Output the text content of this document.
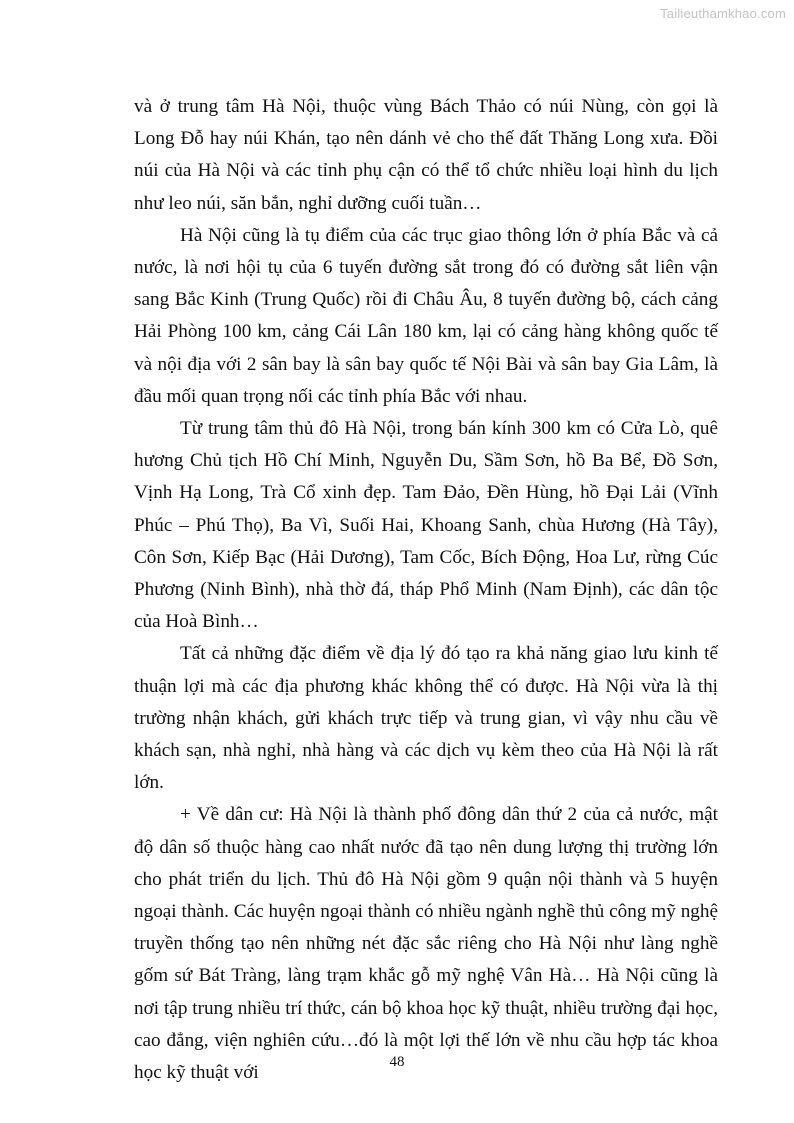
Tailieuthamkhao.com

và ở trung tâm Hà Nội, thuộc vùng Bách Thảo có núi Nùng, còn gọi là Long Đỗ hay núi Khán, tạo nên dánh vẻ cho thế đất Thăng Long xưa. Đồi núi của Hà Nội và các tỉnh phụ cận có thể tổ chức nhiều loại hình du lịch như leo núi, săn bắn, nghỉ dưỡng cuối tuần…

Hà Nội cũng là tụ điểm của các trục giao thông lớn ở phía Bắc và cả nước, là nơi hội tụ của 6 tuyến đường sắt trong đó có đường sắt liên vận sang Bắc Kinh (Trung Quốc) rồi đi Châu Âu, 8 tuyến đường bộ, cách cảng Hải Phòng 100 km, cảng Cái Lân 180 km, lại có cảng hàng không quốc tế và nội địa với 2 sân bay là sân bay quốc tế Nội Bài và sân bay Gia Lâm, là đầu mối quan trọng nối các tỉnh phía Bắc với nhau.

Từ trung tâm thủ đô Hà Nội, trong bán kính 300 km có Cửa Lò, quê hương Chủ tịch Hồ Chí Minh, Nguyễn Du, Sầm Sơn, hồ Ba Bể, Đồ Sơn, Vịnh Hạ Long, Trà Cổ xinh đẹp. Tam Đảo, Đền Hùng, hồ Đại Lải (Vĩnh Phúc – Phú Thọ), Ba Vì, Suối Hai, Khoang Sanh, chùa Hương (Hà Tây), Côn Sơn, Kiếp Bạc (Hải Dương), Tam Cốc, Bích Động, Hoa Lư, rừng Cúc Phương (Ninh Bình), nhà thờ đá, tháp Phổ Minh (Nam Định), các dân tộc của Hoà Bình…

Tất cả những đặc điểm về địa lý đó tạo ra khả năng giao lưu kinh tế thuận lợi mà các địa phương khác không thể có được. Hà Nội vừa là thị trường nhận khách, gửi khách trực tiếp và trung gian, vì vậy nhu cầu về khách sạn, nhà nghỉ, nhà hàng và các dịch vụ kèm theo của Hà Nội là rất lớn.

+ Về dân cư: Hà Nội là thành phố đông dân thứ 2 của cả nước, mật độ dân số thuộc hàng cao nhất nước đã tạo nên dung lượng thị trường lớn cho phát triển du lịch. Thủ đô Hà Nội gồm 9 quận nội thành và 5 huyện ngoại thành. Các huyện ngoại thành có nhiều ngành nghề thủ công mỹ nghệ truyền thống tạo nên những nét đặc sắc riêng cho Hà Nội như làng nghề gốm sứ Bát Tràng, làng trạm khắc gỗ mỹ nghệ Vân Hà… Hà Nội cũng là nơi tập trung nhiều trí thức, cán bộ khoa học kỹ thuật, nhiều trường đại học, cao đẳng, viện nghiên cứu…đó là một lợi thế lớn về nhu cầu hợp tác khoa học kỹ thuật với

48
